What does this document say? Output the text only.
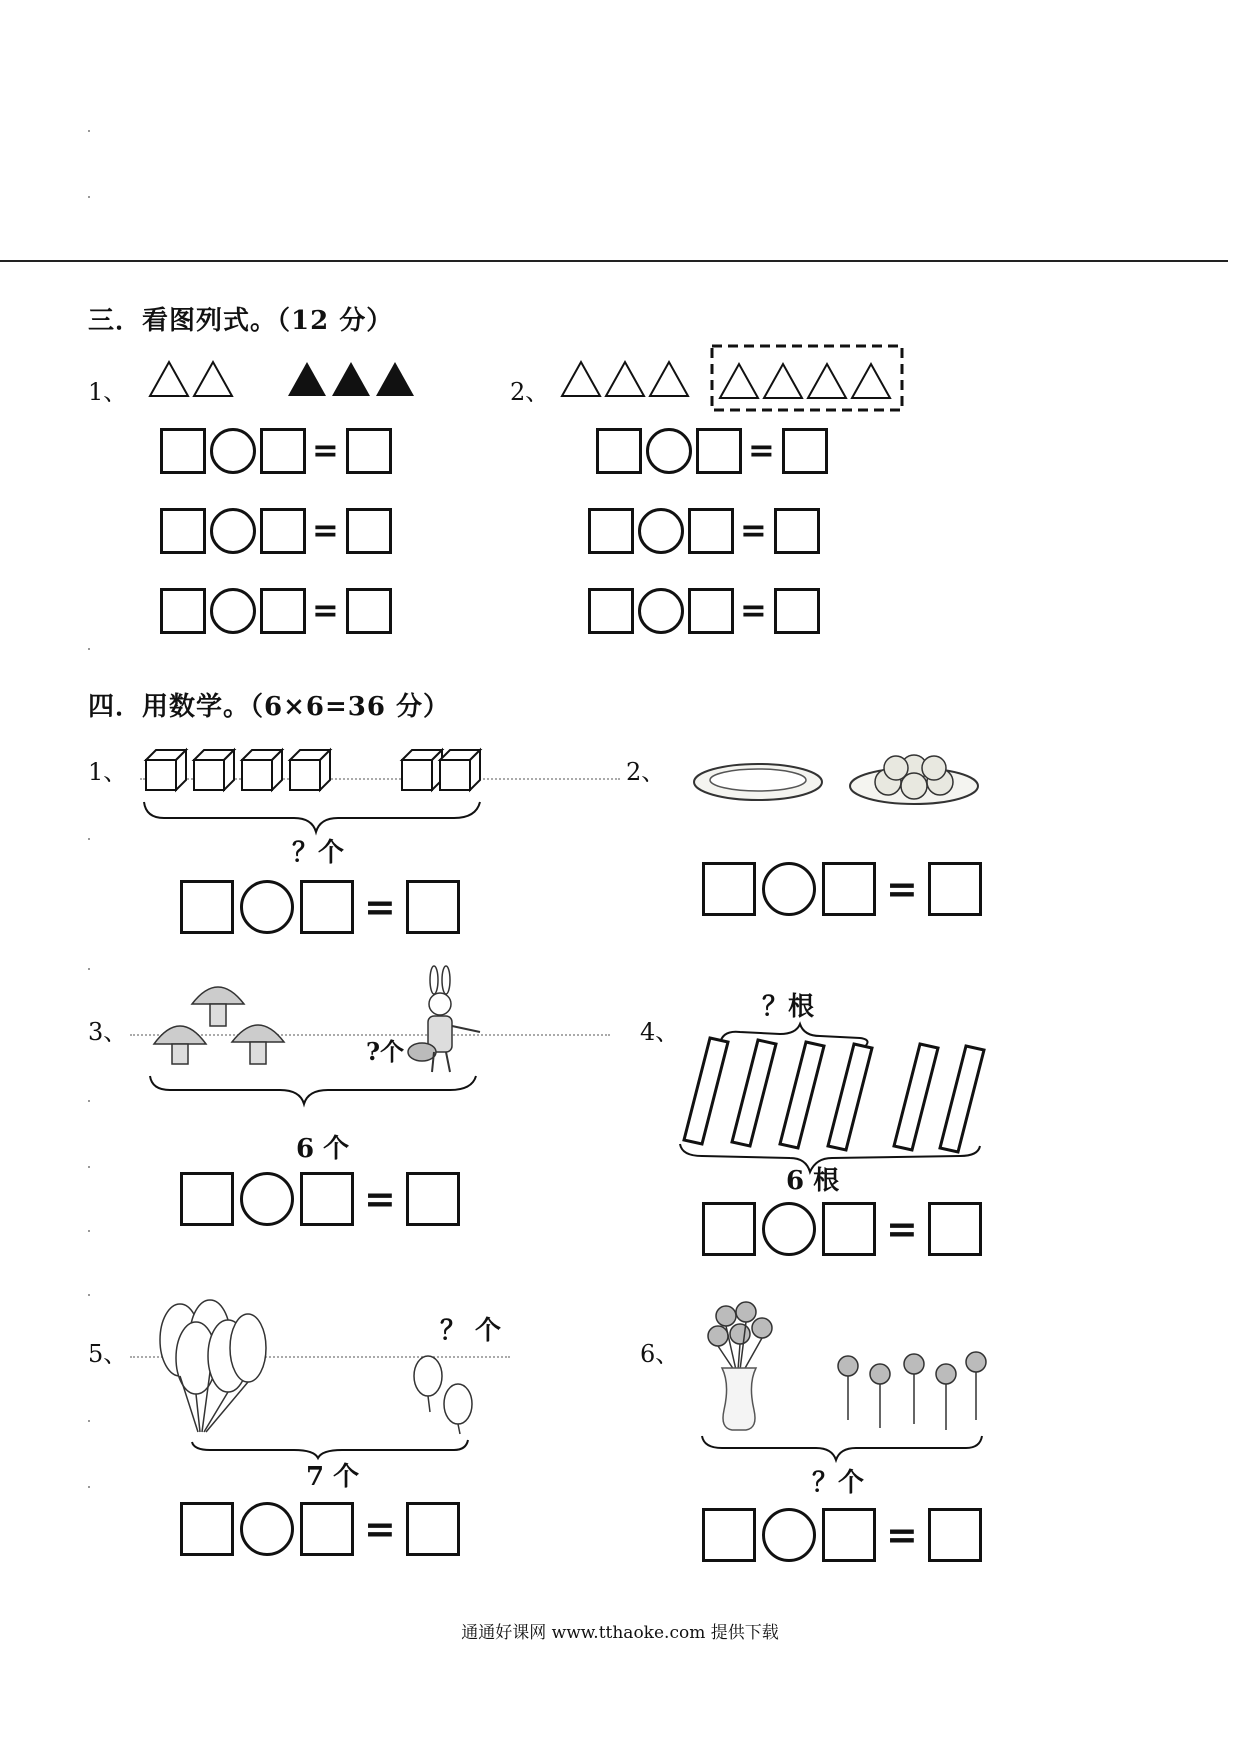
三．看图列式。（12 分）
1、	2、
=
=
=
=
=
=
四．用数学。（6×6=36 分）
1、
？个
=
2、
=
3、
?个
6 个
=
4、
？根
6 根
=
5、
？ 个
7 个
=
6、
？个
=
通通好课网 www.tthaoke.com 提供下载
